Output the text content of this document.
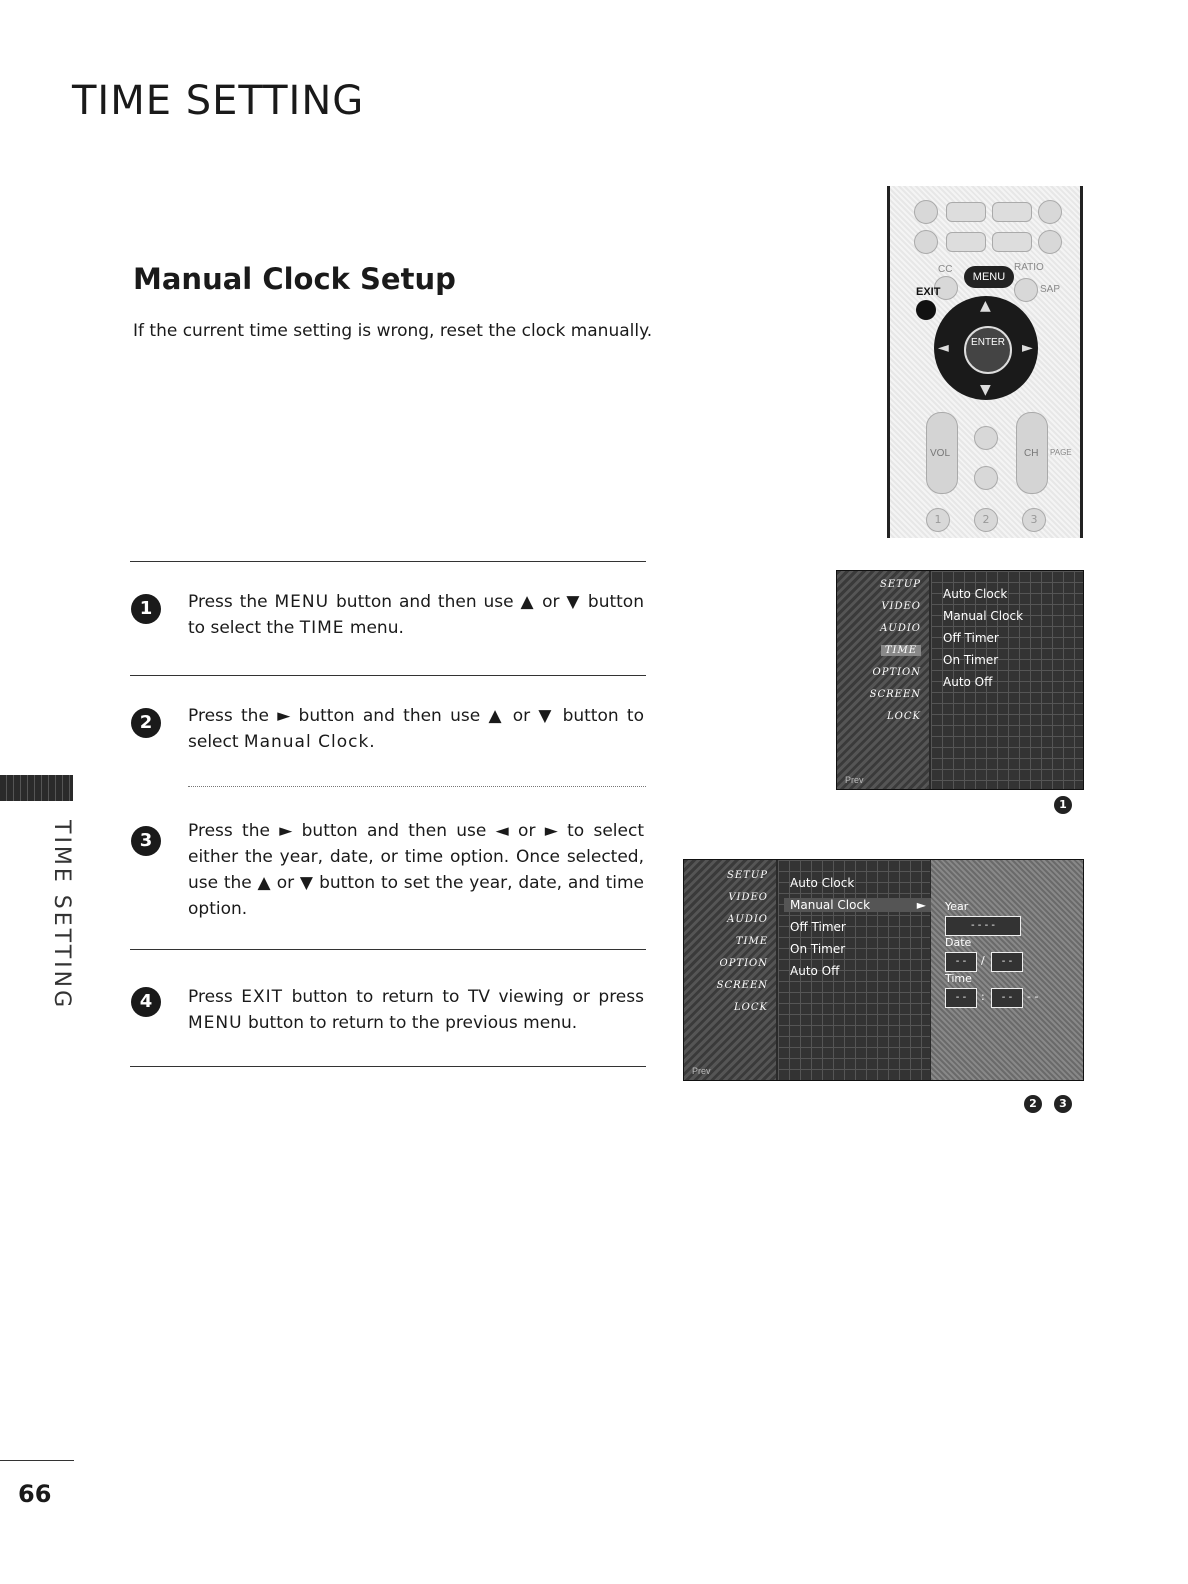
TIME SETTING
Manual Clock Setup
If the current time setting is wrong, reset the clock manually.
1	Press the MENU button and then use ▲ or ▼ button to select the TIME menu.
2	Press the ► button and then use ▲ or ▼ button to select Manual Clock.
3	Press the ► button and then use ◄ or ► to select either the year, date, or time option. Once selected, use the ▲ or ▼ button to set the year, date, and time option.
4	Press EXIT button to return to TV viewing or press MENU button to return to the previous menu.
TIME SETTING
66
CC	RATIO
MENU
SAP
EXIT
▲
▼
◄	►
ENTER
VOL	CH PAGE
1	2	3
SETUP
VIDEO
AUDIO
TIME
OPTION
SCREEN
LOCK
Prev
Auto Clock
Manual Clock
Off Timer
On Timer
Auto Off
1
SETUP
VIDEO
AUDIO
TIME
OPTION
SCREEN
LOCK
Prev
Auto Clock
Manual Clock	►
Off Timer
On Timer
Auto Off
Year
- - - -
Date
- -	/	- -
Time
- -	:	- -	- -
2	3
